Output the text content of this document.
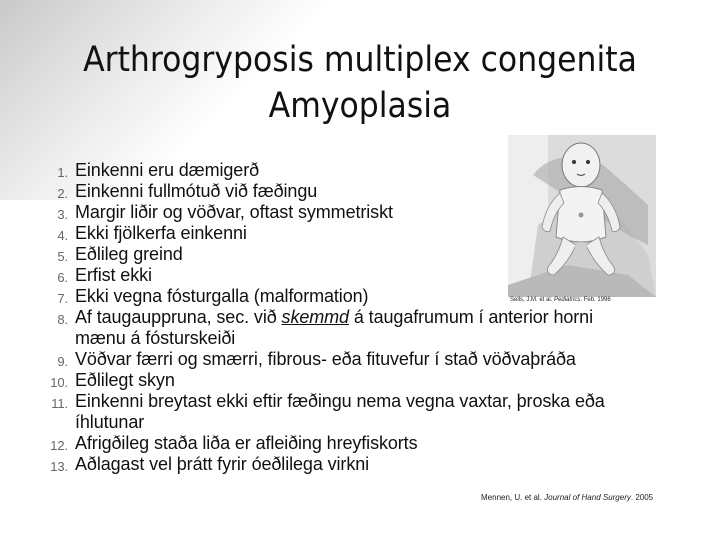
Arthrogryposis multiplex congenita
Amyoplasia
Sells, J.M. et al. Pediatrics. Feb. 1996
1. Einkenni eru dæmigerð
2. Einkenni fullmótuð við fæðingu
3. Margir liðir og vöðvar, oftast symmetriskt
4. Ekki fjölkerfa einkenni
5. Eðlileg greind
6. Erfist ekki
7. Ekki vegna fósturgalla (malformation)
8. Af taugauppruna, sec. við skemmd á taugafrumum í anterior horni mænu á fósturskeiði
9. Vöðvar færri og smærri, fibrous- eða fituvefur í stað vöðvaþráða
10. Eðlilegt skyn
11. Einkenni breytast ekki eftir fæðingu nema vegna vaxtar, þroska eða íhlutunar
12. Afrigðileg staða liða er afleiðing hreyfiskorts
13. Aðlagast vel þrátt fyrir óeðlilega virkni
Mennen, U. et al. Journal of Hand Surgery. 2005
